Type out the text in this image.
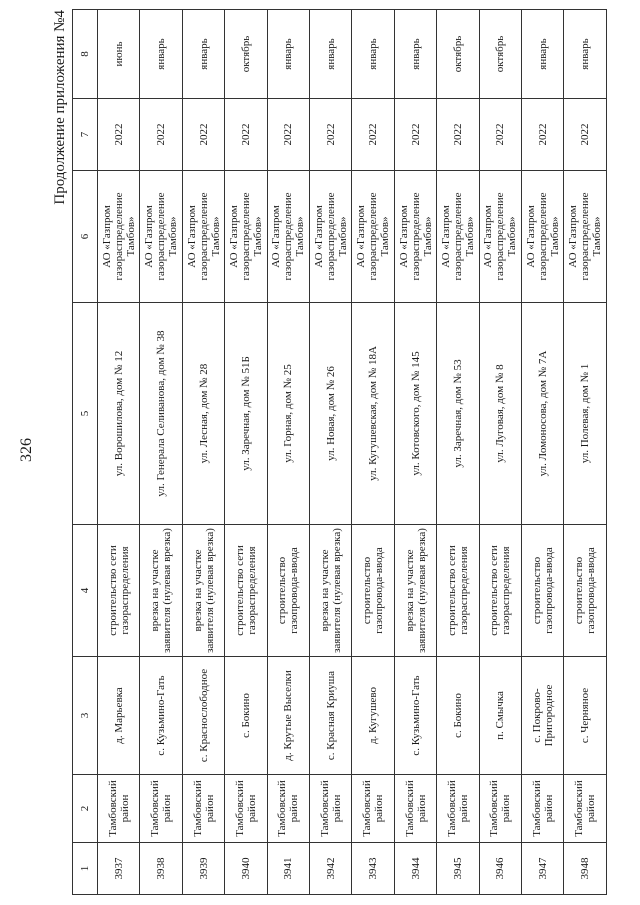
326
Продолжение приложения №4
1	2	3	4	5	6	7	8
3937	Тамбовский район	д. Марьевка	строительство сети газораспределения	ул. Ворошилова, дом № 12	АО «Газпром газораспределение Тамбов»	2022	июнь
3938	Тамбовский район	с. Кузьмино-Гать	врезка на участке заявителя (нулевая врезка)	ул. Генерала Селиванова, дом № 38	АО «Газпром газораспределение Тамбов»	2022	январь
3939	Тамбовский район	с. Краснослободное	врезка на участке заявителя (нулевая врезка)	ул. Лесная, дом № 28	АО «Газпром газораспределение Тамбов»	2022	январь
3940	Тамбовский район	с. Бокино	строительство сети газораспределения	ул. Заречная, дом № 51Б	АО «Газпром газораспределение Тамбов»	2022	октябрь
3941	Тамбовский район	д. Крутые Выселки	строительство газопровода-ввода	ул. Горная, дом № 25	АО «Газпром газораспределение Тамбов»	2022	январь
3942	Тамбовский район	с. Красная Криуша	врезка на участке заявителя (нулевая врезка)	ул. Новая, дом № 26	АО «Газпром газораспределение Тамбов»	2022	январь
3943	Тамбовский район	д. Кугушево	строительство газопровода-ввода	ул. Кугушевская, дом № 18А	АО «Газпром газораспределение Тамбов»	2022	январь
3944	Тамбовский район	с. Кузьмино-Гать	врезка на участке заявителя (нулевая врезка)	ул. Котовского, дом № 145	АО «Газпром газораспределение Тамбов»	2022	январь
3945	Тамбовский район	с. Бокино	строительство сети газораспределения	ул. Заречная, дом № 53	АО «Газпром газораспределение Тамбов»	2022	октябрь
3946	Тамбовский район	п. Смычка	строительство сети газораспределения	ул. Луговая, дом № 8	АО «Газпром газораспределение Тамбов»	2022	октябрь
3947	Тамбовский район	с. Покрово-Пригородное	строительство газопровода-ввода	ул. Ломоносова, дом № 7А	АО «Газпром газораспределение Тамбов»	2022	январь
3948	Тамбовский район	с. Черняное	строительство газопровода-ввода	ул. Полевая, дом № 1	АО «Газпром газораспределение Тамбов»	2022	январь
